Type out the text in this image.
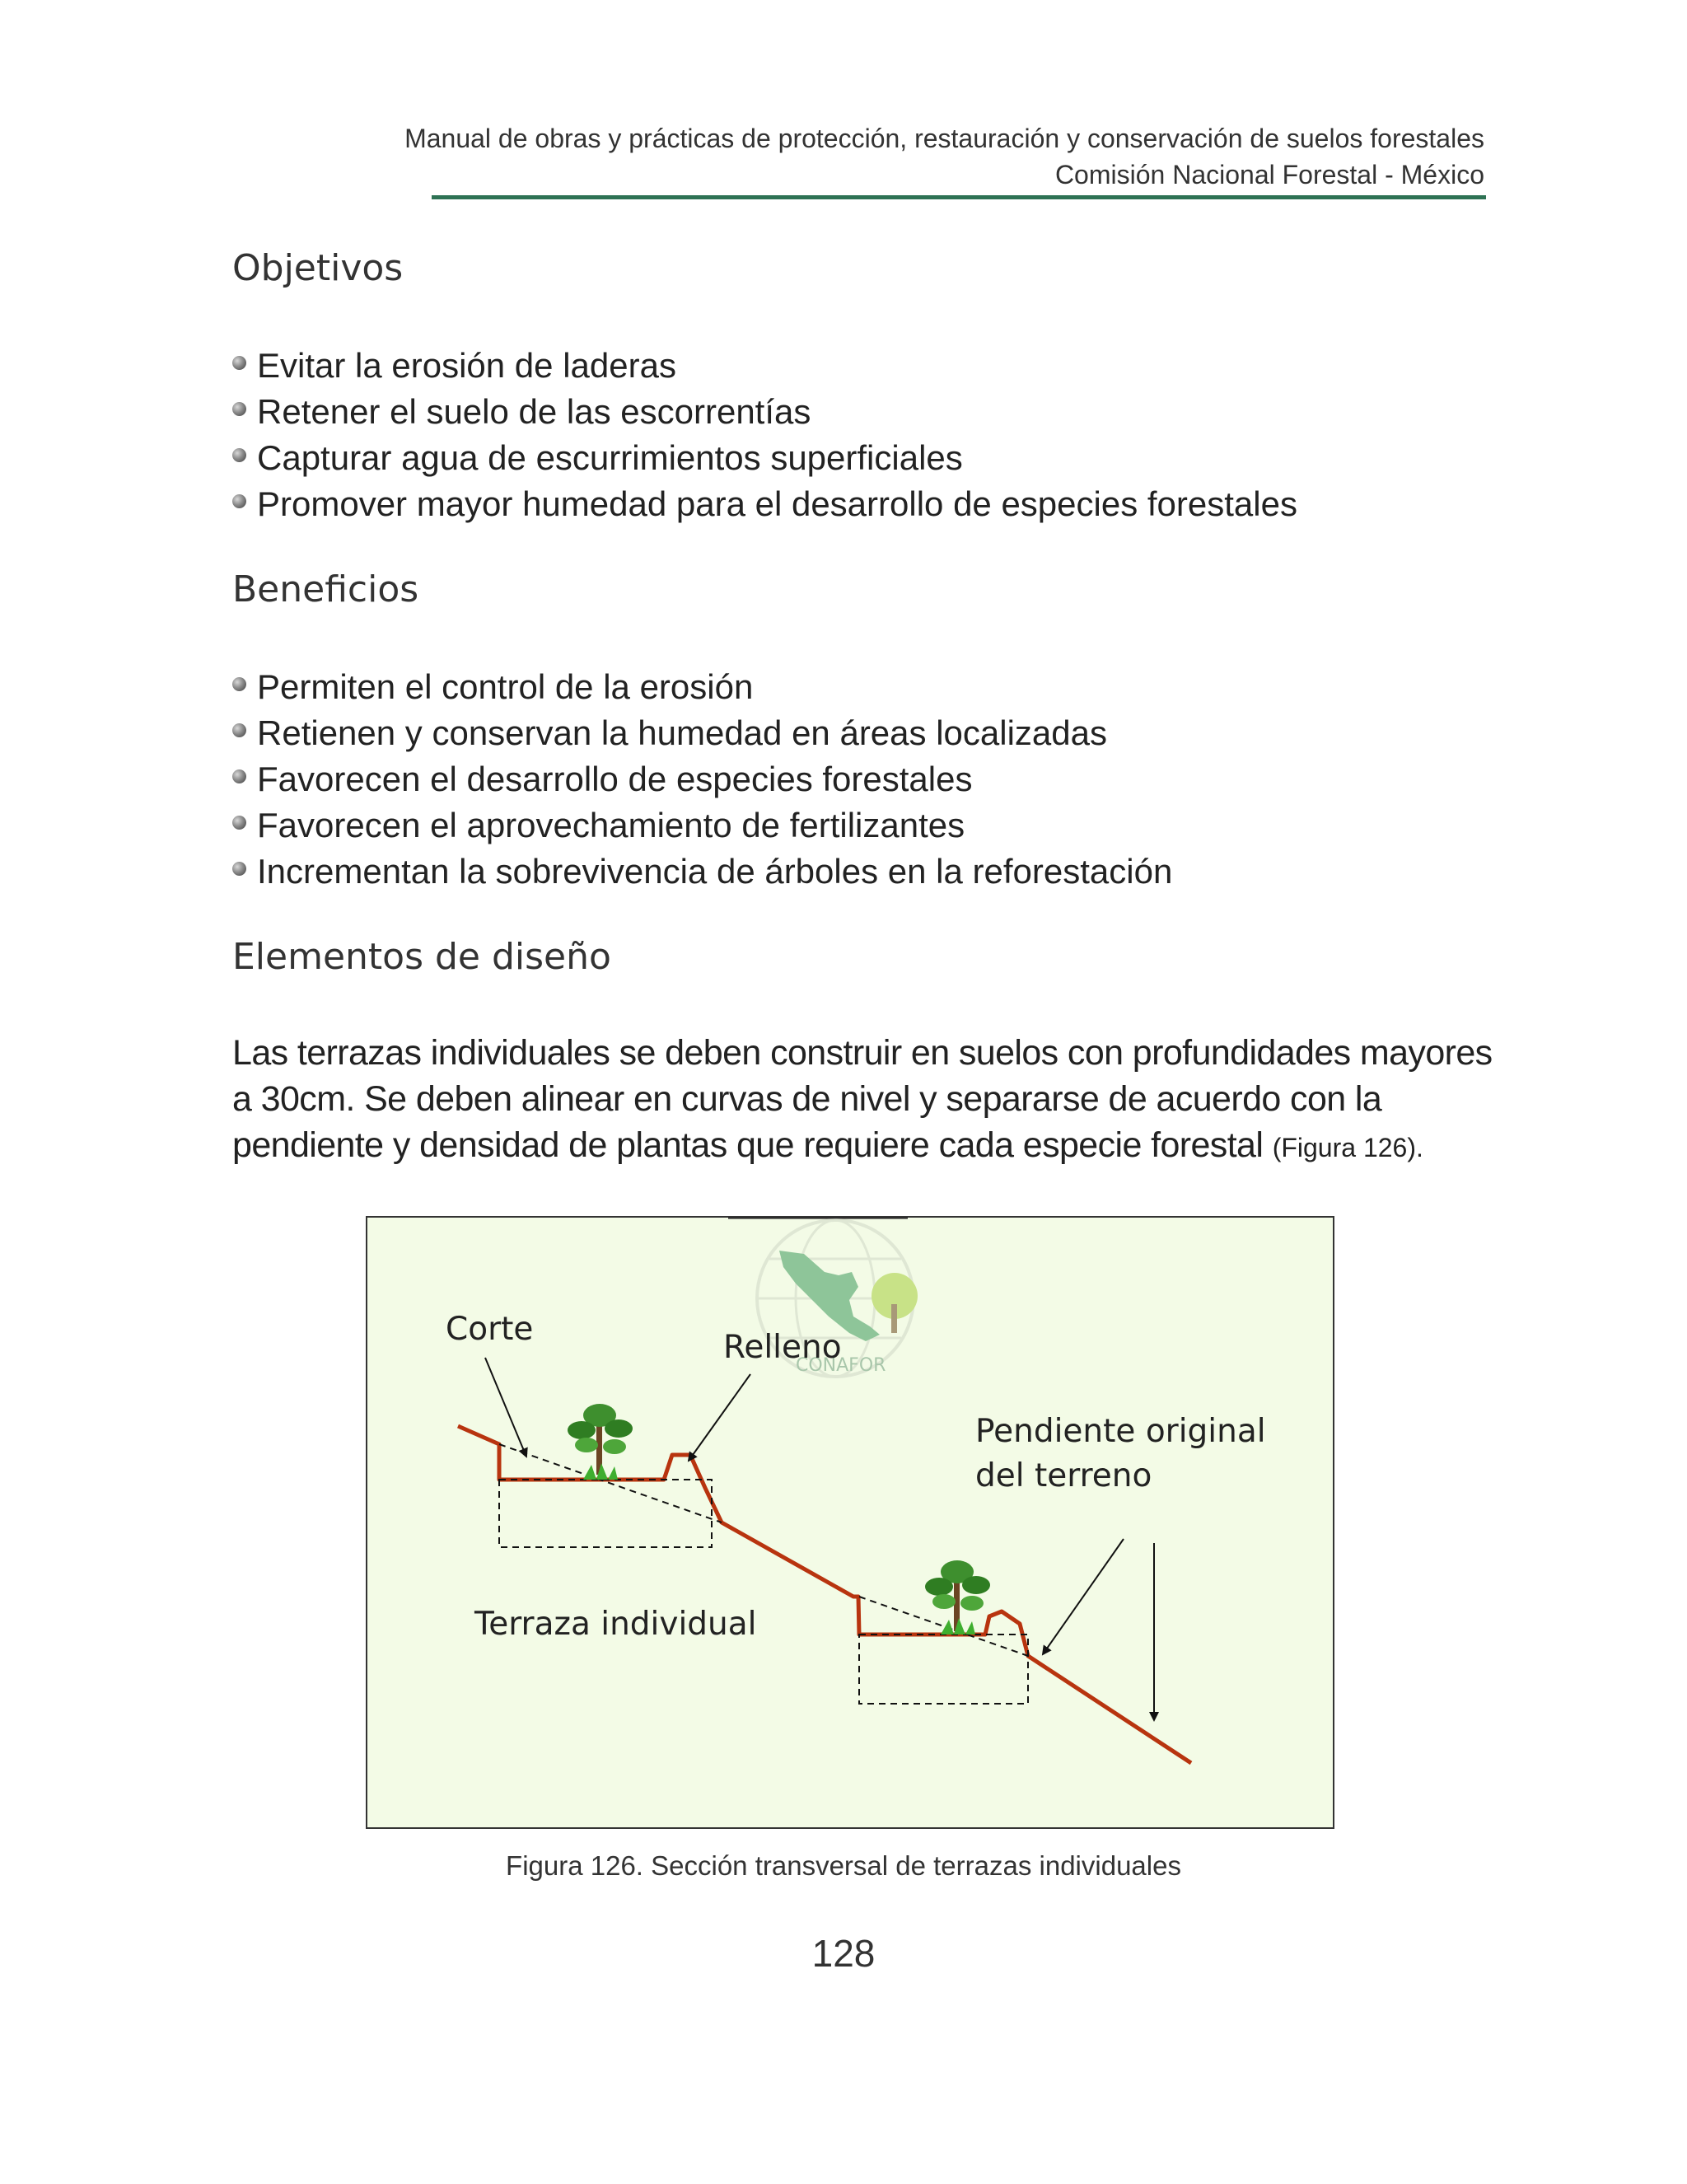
Manual de obras y prácticas de protección, restauración y conservación de suelos forestales
Comisión Nacional Forestal - México
Objetivos
Evitar la erosión de laderas
Retener el suelo de las escorrentías
Capturar agua de escurrimientos superficiales
Promover mayor humedad para el desarrollo de especies forestales
Beneficios
Permiten el control de la erosión
Retienen y conservan la humedad en áreas localizadas
Favorecen el desarrollo de especies forestales
Favorecen el aprovechamiento de fertilizantes
Incrementan la sobrevivencia de árboles en la reforestación
Elementos de diseño
Las terrazas individuales se deben construir en suelos con profundidades mayores a 30cm. Se deben alinear en curvas de nivel y separarse de acuerdo con la pendiente y densidad de plantas que requiere cada especie forestal (Figura 126).
CONAFOR
Corte	Relleno
Pendiente original
del terreno
Terraza individual
Figura 126. Sección transversal de terrazas individuales
128
